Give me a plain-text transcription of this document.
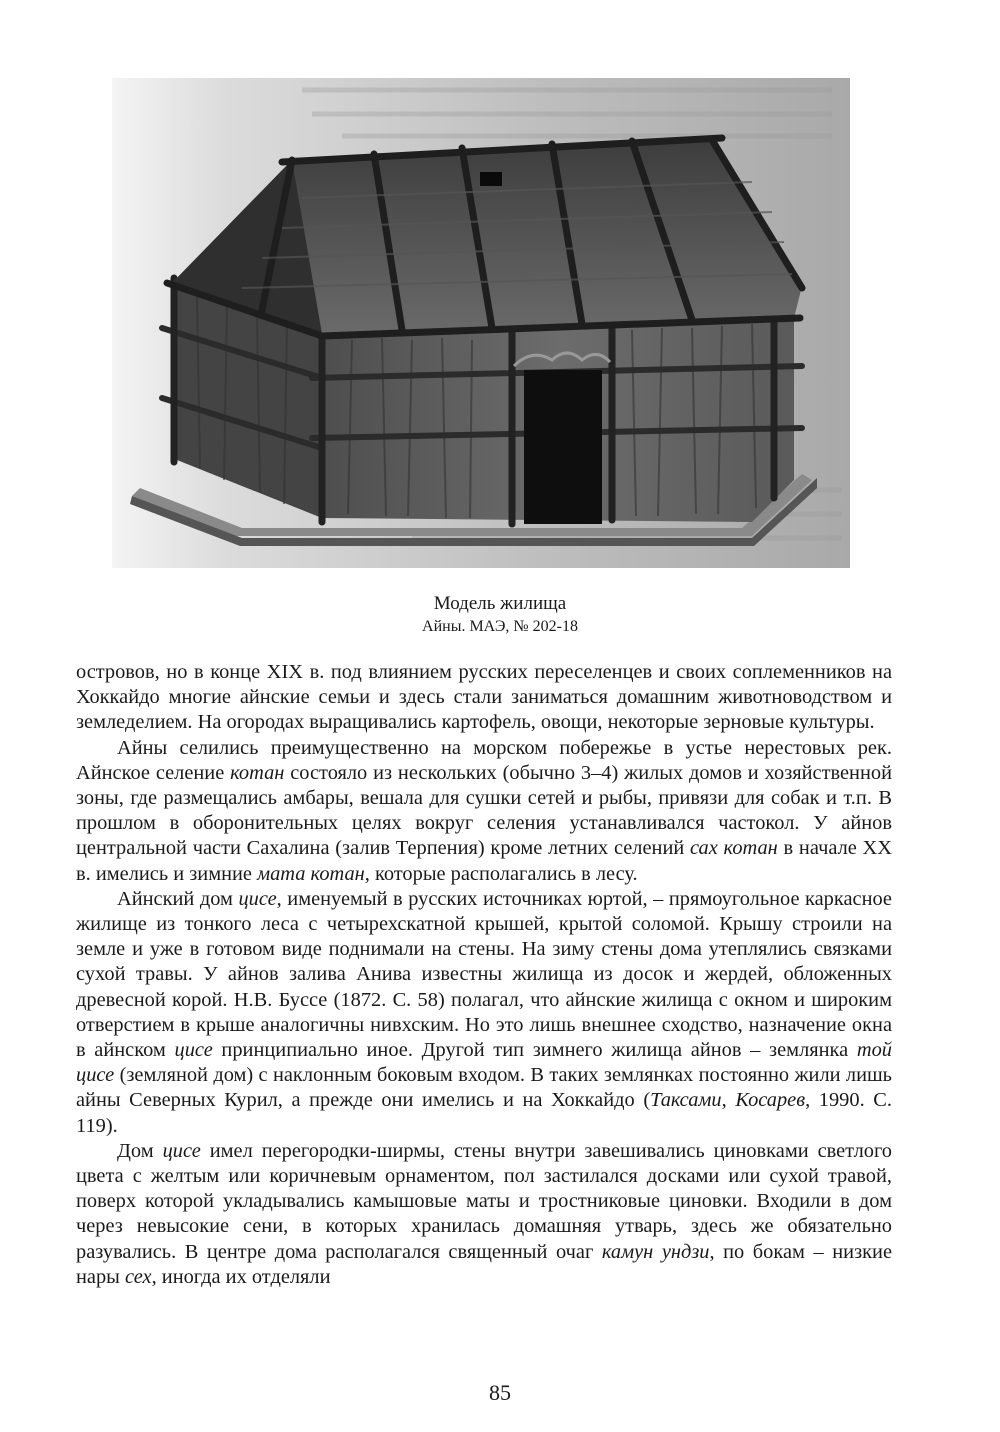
Модель жилища
Айны. МАЭ, № 202-18

островов, но в конце XIX в. под влиянием русских переселенцев и своих соплеменников на Хоккайдо многие айнские семьи и здесь стали заниматься домашним животноводством и земледелием. На огородах выращивались картофель, овощи, некоторые зерновые культуры.

Айны селились преимущественно на морском побережье в устье нерестовых рек. Айнское селение котан состояло из нескольких (обычно 3–4) жилых домов и хозяйственной зоны, где размещались амбары, вешала для сушки сетей и рыбы, привязи для собак и т.п. В прошлом в оборонительных целях вокруг селения устанавливался частокол. У айнов центральной части Сахалина (залив Терпения) кроме летних селений сах котан в начале XX в. имелись и зимние мата котан, которые располагались в лесу.

Айнский дом цисе, именуемый в русских источниках юртой, – прямоугольное каркасное жилище из тонкого леса с четырехскатной крышей, крытой соломой. Крышу строили на земле и уже в готовом виде поднимали на стены. На зиму стены дома утеплялись связками сухой травы. У айнов залива Анива известны жилища из досок и жердей, обложенных древесной корой. Н.В. Буссе (1872. С. 58) полагал, что айнские жилища с окном и широким отверстием в крыше аналогичны нивхским. Но это лишь внешнее сходство, назначение окна в айнском цисе принципиально иное. Другой тип зимнего жилища айнов – землянка той цисе (земляной дом) с наклонным боковым входом. В таких землянках постоянно жили лишь айны Северных Курил, а прежде они имелись и на Хоккайдо (Таксами, Косарев, 1990. С. 119).

Дом цисе имел перегородки-ширмы, стены внутри завешивались циновками светлого цвета с желтым или коричневым орнаментом, пол застилался досками или сухой травой, поверх которой укладывались камышовые маты и тростниковые циновки. Входили в дом через невысокие сени, в которых хранилась домашняя утварь, здесь же обязательно разувались. В центре дома располагался священный очаг камун ундзи, по бокам – низкие нары сех, иногда их отделяли

85
